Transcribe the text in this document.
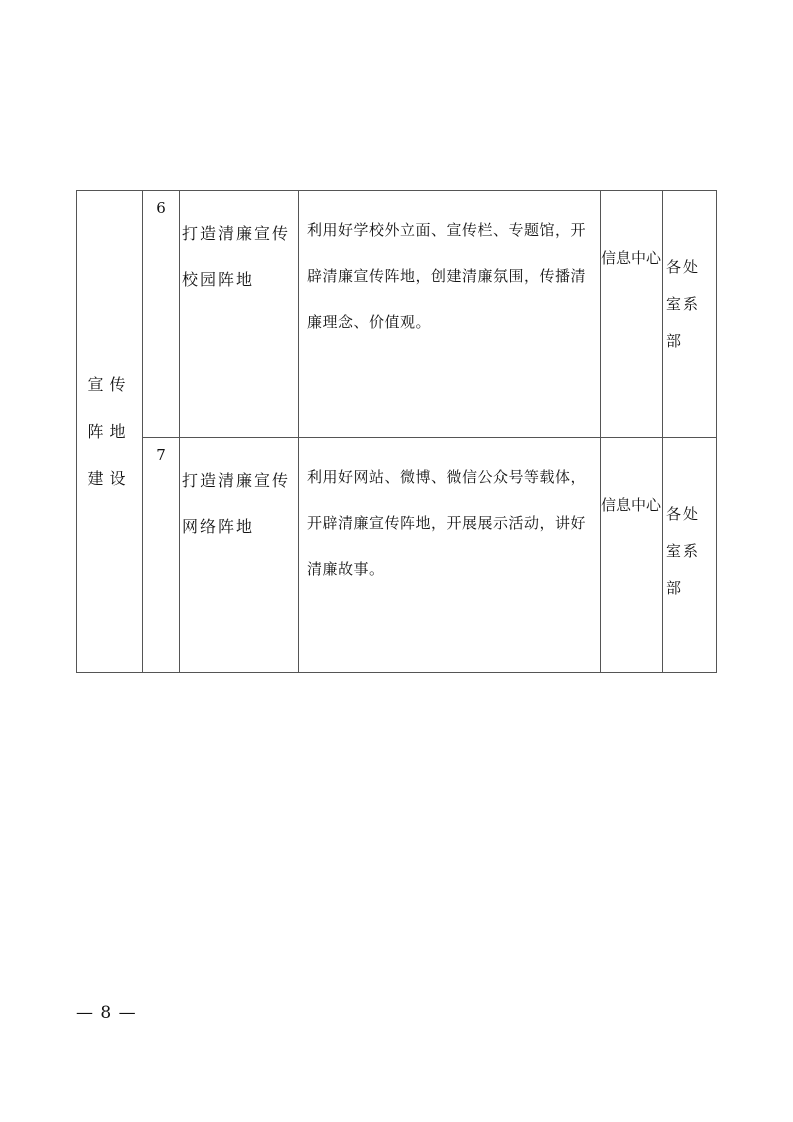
宣传
阵地
建设	6	打造清廉宣传校园阵地	利用好学校外立面、宣传栏、专题馆，开辟清廉宣传阵地，创建清廉氛围，传播清廉理念、价值观。	信息中心	各处室系部
	7	打造清廉宣传网络阵地	利用好网站、微博、微信公众号等载体，开辟清廉宣传阵地，开展展示活动，讲好清廉故事。	信息中心	各处室系部
— 8 —
